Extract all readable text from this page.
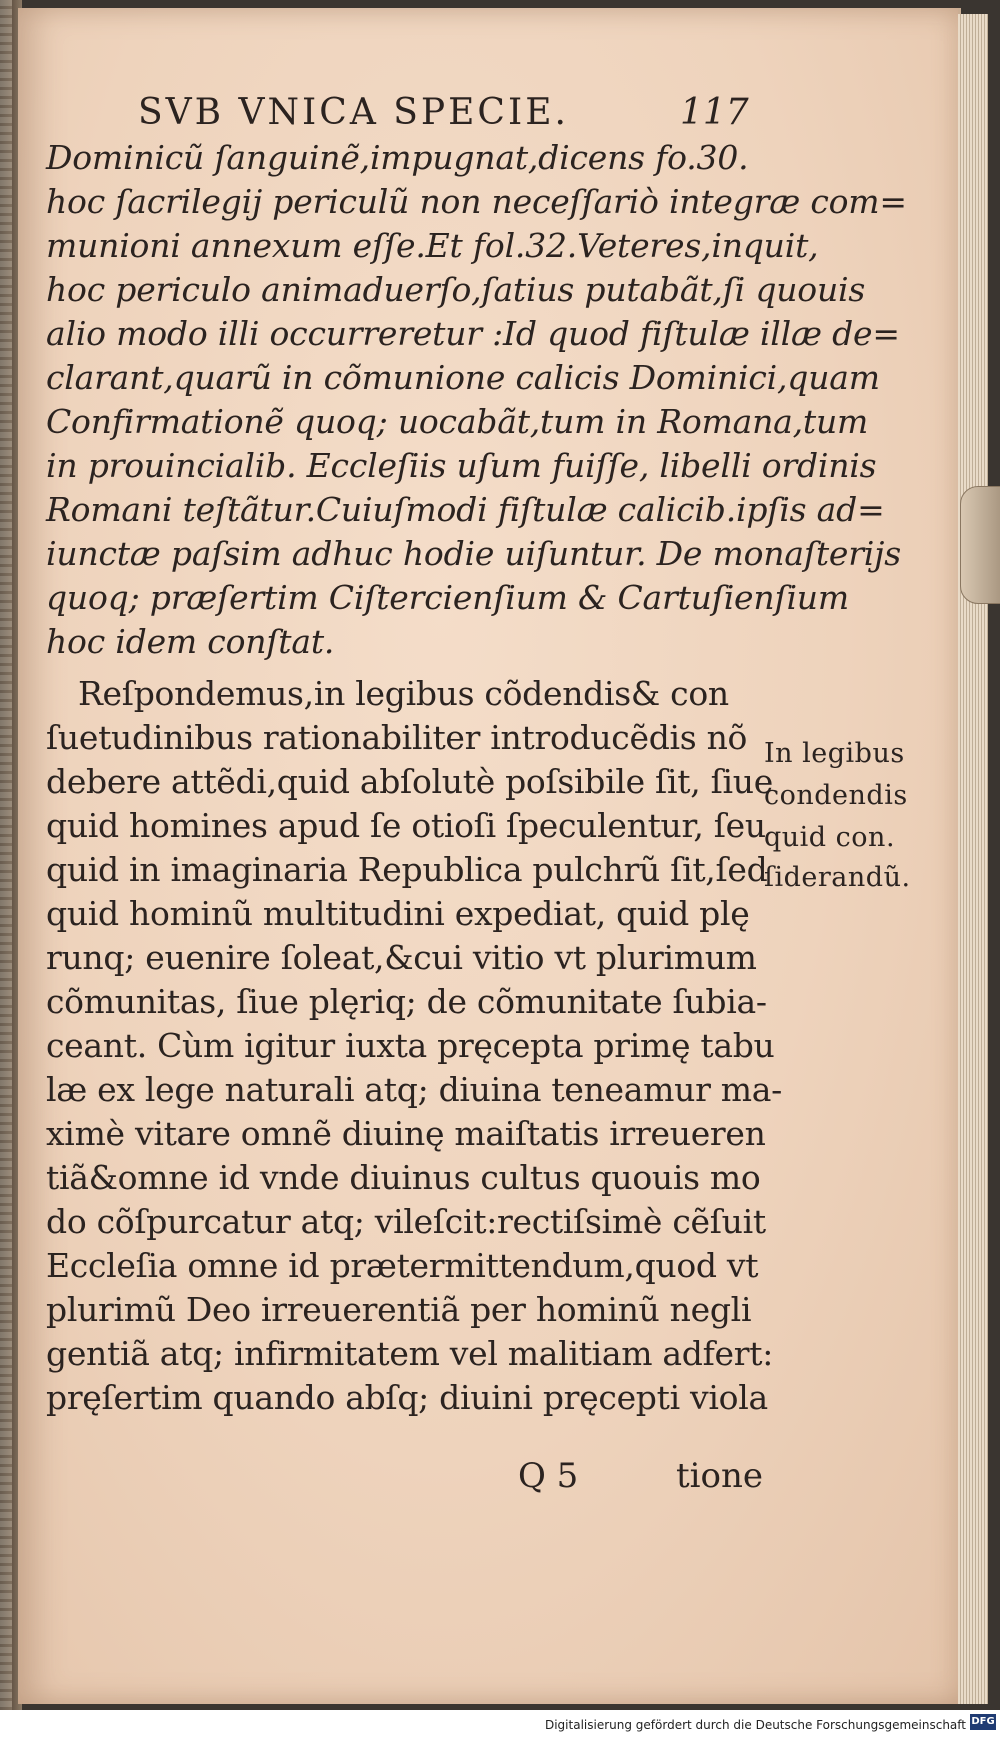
SVB VNICA SPECIE.	117
Dominicũ ſanguinẽ,impugnat,dicens fo.30.
hoc ſacrilegij periculũ non neceſſariò integræ com=
munioni annexum eſſe.Et fol.32.Veteres,inquit,
hoc periculo animaduerſo,ſatius putabãt,ſi quouis
alio modo illi occurreretur :Id quod fiſtulæ illæ de=
clarant,quarũ in cõmunione calicis Dominici,quam
Confirmationẽ quoq; uocabãt,tum in Romana,tum
in prouincialib. Eccleſiis uſum fuiſſe, libelli ordinis
Romani teſtãtur.Cuiuſmodi fiſtulæ calicib.ipſis ad=
iunctæ paſsim adhuc hodie uiſuntur. De monaſterijs
quoq; præſertim Ciſtercienſium & Cartuſienſium
hoc idem conſtat.
Reſpondemus,in legibus cõdendis& con
ſuetudinibus rationabiliter introducẽdis nõ
debere attẽdi,quid abſolutè poſsibile ſit, ſiue
quid homines apud ſe otioſi ſpeculentur, ſeu
quid in imaginaria Republica pulchrũ ſit,ſed
quid hominũ multitudini expediat, quid plę
runq; euenire ſoleat,&cui vitio vt plurimum
cõmunitas, ſiue plęriq; de cõmunitate ſubia-
ceant. Cùm igitur iuxta pręcepta primę tabu
læ ex lege naturali atq; diuina teneamur ma-
ximè vitare omnẽ diuinę maiſtatis irreueren
tiã&omne id vnde diuinus cultus quouis mo
do cõſpurcatur atq; vileſcit:rectiſsimè cẽſuit
Eccleſia omne id prætermittendum,quod vt
plurimũ Deo irreuerentiã per hominũ negli
gentiã atq; infirmitatem vel malitiam adfert:
pręſertim quando abſq; diuini pręcepti viola
In legibus
condendis
quid con.
ſiderandũ.
Q 5	tione
Digitalisierung gefördert durch die Deutsche Forschungsgemeinschaft DFG
